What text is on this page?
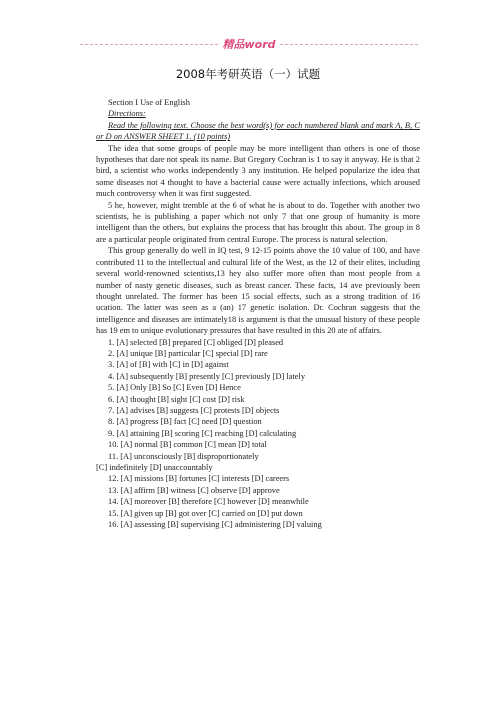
精品word
2008年考研英语（一）试题

Section I Use of English

Directions:

Read the following text. Choose the best word(s) for each numbered blank and mark A, B, C or D on ANSWER SHEET 1. (10 points)

The idea that some groups of people may be more intelligent than others is one of those hypotheses that dare not speak its name. But Gregory Cochran is 1 to say it anyway. He is that 2 bird, a scientist who works independently 3 any institution. He helped popularize the idea that some diseases not 4 thought to have a bacterial cause were actually infections, which aroused much controversy when it was first suggested.

5 he, however, might tremble at the 6 of what he is about to do. Together with another two scientists, he is publishing a paper which not only 7 that one group of humanity is more intelligent than the others, but explains the process that has brought this about. The group in 8 are a particular people originated from central Europe. The process is natural selection.

This group generally do well in IQ test, 9 12-15 points above the 10 value of 100, and have contributed 11 to the intellectual and cultural life of the West, as the 12 of their elites, including several world-renowned scientists,13 hey also suffer more often than most people from a number of nasty genetic diseases, such as breast cancer. These facts, 14 ave previously been thought unrelated. The former has been 15 social effects, such as a strong tradition of 16 ucation. The latter was seen as a (an) 17 genetic isolation. Dr. Cochran suggests that the intelligence and diseases are intimately18 is argument is that the unusual history of these people has 19 em to unique evolutionary pressures that have resulted in this 20 ate of affairs.

1. [A] selected [B] prepared [C] obliged [D] pleased

2. [A] unique [B] particular [C] special [D] rare

3. [A] of [B] with [C] in [D] against

4. [A] subsequently [B] presently [C] previously [D] lately

5. [A] Only [B] So [C] Even [D] Hence

6. [A] thought [B] sight [C] cost [D] risk

7. [A] advises [B] suggests [C] protests [D] objects

8. [A] progress [B] fact [C] need [D] question

9. [A] attaining [B] scoring [C] reaching [D] calculating

10. [A] normal [B] common [C] mean [D] total

11. [A] unconsciously [B] disproportionately

[C] indefinitely [D] unaccountably

12. [A] missions [B] fortunes [C] interests [D] careers

13. [A] affirm [B] witness [C] observe [D] approve

14. [A] moreover [B] therefore [C] however [D] meanwhile

15. [A] given up [B] got over [C] carried on [D] put down

16. [A] assessing [B] supervising [C] administering [D] valuing
